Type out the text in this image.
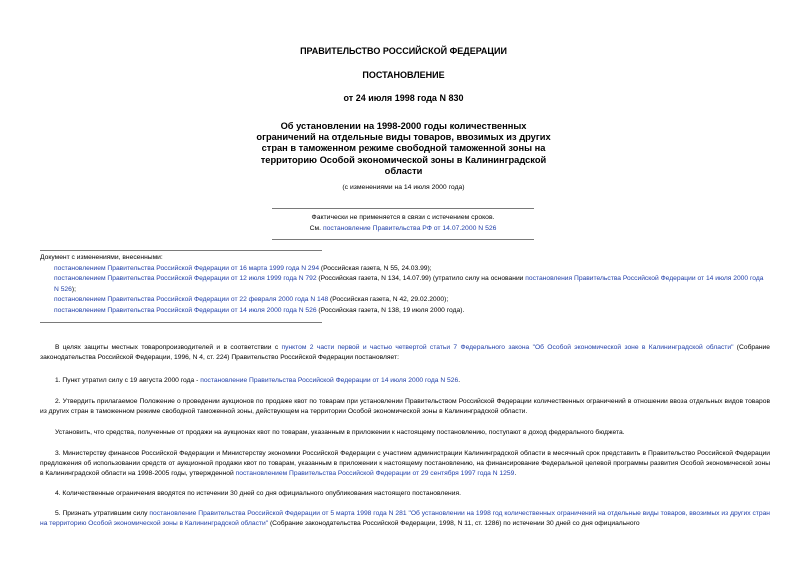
ПРАВИТЕЛЬСТВО РОССИЙСКОЙ ФЕДЕРАЦИИ
ПОСТАНОВЛЕНИЕ
от 24 июля 1998 года N 830
Об установлении на 1998-2000 годы количественных ограничений на отдельные виды товаров, ввозимых из других стран в таможенном режиме свободной таможенной зоны на территорию Особой экономической зоны в Калининградской области
(с изменениями на 14 июля 2000 года)
Фактически не применяется в связи с истечением сроков.
См. постановление Правительства РФ от 14.07.2000 N 526

Документ с изменениями, внесенными:

постановлением Правительства Российской Федерации от 16 марта 1999 года N 294 (Российская газета, N 55, 24.03.99);

постановлением Правительства Российской Федерации от 12 июля 1999 года N 792 (Российская газета, N 134, 14.07.99) (утратило силу на основании постановления Правительства Российской Федерации от 14 июля 2000 года N 526);

постановлением Правительства Российской Федерации от 22 февраля 2000 года N 148 (Российская газета, N 42, 29.02.2000);

постановлением Правительства Российской Федерации от 14 июля 2000 года N 526 (Российская газета, N 138, 19 июля 2000 года).

В целях защиты местных товаропроизводителей и в соответствии с пунктом 2 части первой и частью четвертой статьи 7 Федерального закона "Об Особой экономической зоне в Калининградской области" (Собрание законодательства Российской Федерации, 1996, N 4, ст. 224) Правительство Российской Федерации постановляет:

1. Пункт утратил силу с 19 августа 2000 года - постановление Правительства Российской Федерации от 14 июля 2000 года N 526.

2. Утвердить прилагаемое Положение о проведении аукционов по продаже квот по товарам при установлении Правительством Российской Федерации количественных ограничений в отношении ввоза отдельных видов товаров из других стран в таможенном режиме свободной таможенной зоны, действующем на территории Особой экономической зоны в Калининградской области.

Установить, что средства, полученные от продажи на аукционах квот по товарам, указанным в приложении к настоящему постановлению, поступают в доход федерального бюджета.

3. Министерству финансов Российской Федерации и Министерству экономики Российской Федерации с участием администрации Калининградской области в месячный срок представить в Правительство Российской Федерации предложения об использовании средств от аукционной продажи квот по товарам, указанным в приложении к настоящему постановлению, на финансирование Федеральной целевой программы развития Особой экономической зоны в Калининградской области на 1998-2005 годы, утвержденной постановлением Правительства Российской Федерации от 29 сентября 1997 года N 1259.

4. Количественные ограничения вводятся по истечении 30 дней со дня официального опубликования настоящего постановления.

5. Признать утратившим силу постановление Правительства Российской Федерации от 5 марта 1998 года N 281 "Об установлении на 1998 год количественных ограничений на отдельные виды товаров, ввозимых из других стран на территорию Особой экономической зоны в Калининградской области" (Собрание законодательства Российской Федерации, 1998, N 11, ст. 1286) по истечении 30 дней со дня официального
